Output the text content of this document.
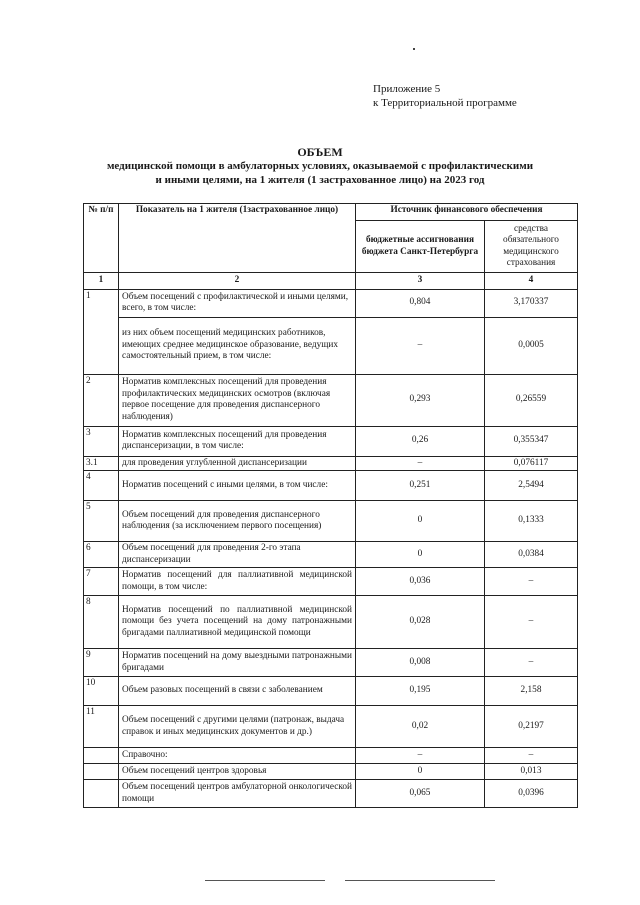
Приложение 5
к Территориальной программе
ОБЪЕМ
медицинской помощи в амбулаторных условиях, оказываемой с профилактическими
и иными целями, на 1 жителя (1 застрахованное лицо) на 2023 год
№ п/п	Показатель на 1 жителя (1застрахованное лицо)	Источник финансового обеспечения	
		бюджетные ассигнования бюджета Санкт-Петербурга	средства обязательного медицинского страхования
1	2	3	4
1	Объем посещений с профилактической и иными целями, всего, в том числе:	0,804	3,170337
	из них объем посещений медицинских работников, имеющих среднее медицинское образование, ведущих самостоятельный прием, в том числе:	–	0,0005
2	Норматив комплексных посещений для проведения профилактических медицинских осмотров (включая первое посещение для проведения диспансерного наблюдения)	0,293	0,26559
3	Норматив комплексных посещений для проведения диспансеризации, в том числе:	0,26	0,355347
3.1	для проведения углубленной диспансеризации	–	0,076117
4	Норматив посещений с иными целями, в том числе:	0,251	2,5494
5	Объем посещений для проведения диспансерного наблюдения (за исключением первого посещения)	0	0,1333
6	Объем посещений для проведения 2-го этапа диспансеризации	0	0,0384
7	Норматив посещений для паллиативной медицинской помощи, в том числе:	0,036	–
8	Норматив посещений по паллиативной медицинской помощи без учета посещений на дому патронажными бригадами паллиативной медицинской помощи	0,028	–
9	Норматив посещений на дому выездными патронажными бригадами	0,008	–
10	Объем разовых посещений в связи с заболеванием	0,195	2,158
11	Объем посещений с другими целями (патронаж, выдача справок и иных медицинских документов и др.)	0,02	0,2197
	Справочно:	–	–
	Объем посещений центров здоровья	0	0,013
	Объем посещений центров амбулаторной онкологической помощи	0,065	0,0396
